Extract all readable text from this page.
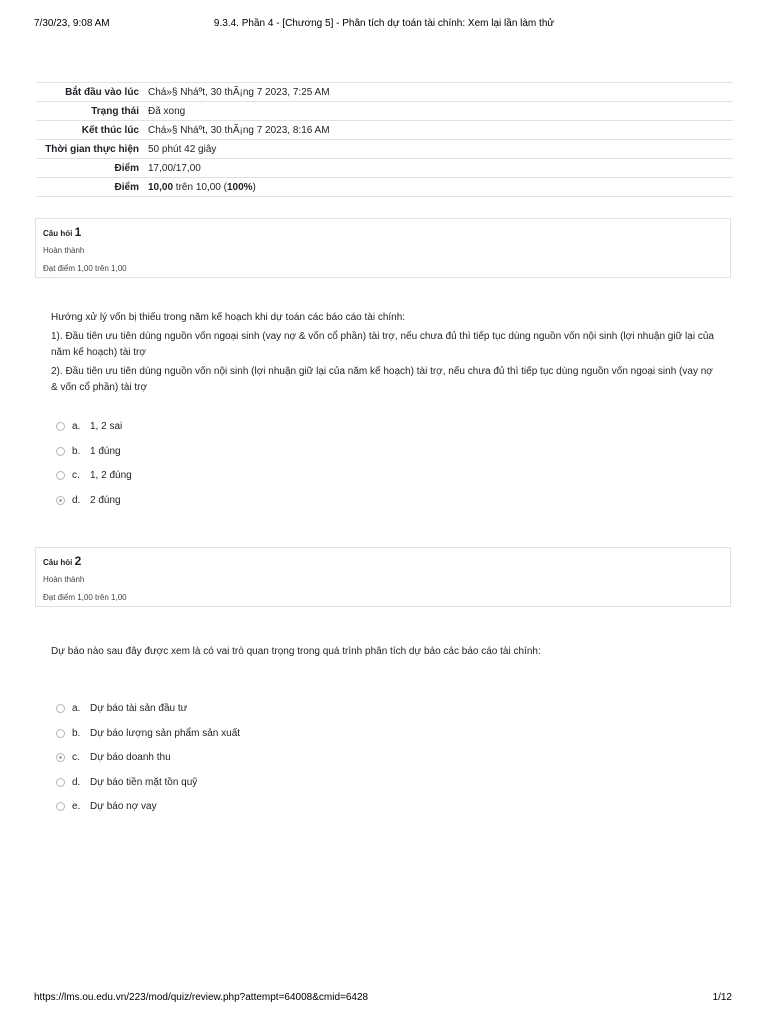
7/30/23, 9:08 AM	9.3.4. Phần 4 - [Chương 5] - Phân tích dự toán tài chính: Xem lại lần làm thử
Bắt đầu vào lúc	Chá»§ Nháºt, 30 thÃ¡ng 7 2023, 7:25 AM
Trạng thái	Đã xong
Kết thúc lúc	Chá»§ Nháºt, 30 thÃ¡ng 7 2023, 8:16 AM
Thời gian thực hiện	50 phút 42 giây
Điểm	17,00/17,00
Điểm	10,00 trên 10,00 (100%)
Câu hỏi 1
Hoàn thành
Đạt điểm 1,00 trên 1,00

Hướng xử lý vốn bị thiếu trong năm kế hoạch khi dự toán các báo cáo tài chính:

1). Đầu tiên ưu tiên dùng nguồn vốn ngoại sinh (vay nợ & vốn cổ phần) tài trợ, nếu chưa đủ thì tiếp tục dùng nguồn vốn nội sinh (lợi nhuận giữ lại của năm kế hoạch) tài trợ

2). Đầu tiên ưu tiên dùng nguồn vốn nội sinh (lợi nhuận giữ lại của năm kế hoạch) tài trợ, nếu chưa đủ thì tiếp tục dùng nguồn vốn ngoại sinh (vay nợ & vốn cổ phần) tài trợ

a. 1, 2 sai
b. 1 đúng
c. 1, 2 đúng
d. 2 đúng
Câu hỏi 2
Hoàn thành
Đạt điểm 1,00 trên 1,00

Dự báo nào sau đây được xem là có vai trò quan trọng trong quá trình phân tích dự báo các báo cáo tài chính:

a. Dự báo tài sản đầu tư
b. Dự báo lượng sản phẩm sản xuất
c. Dự báo doanh thu
d. Dự báo tiền mặt tồn quỹ
e. Dự báo nợ vay
https://lms.ou.edu.vn/223/mod/quiz/review.php?attempt=64008&cmid=6428	1/12
